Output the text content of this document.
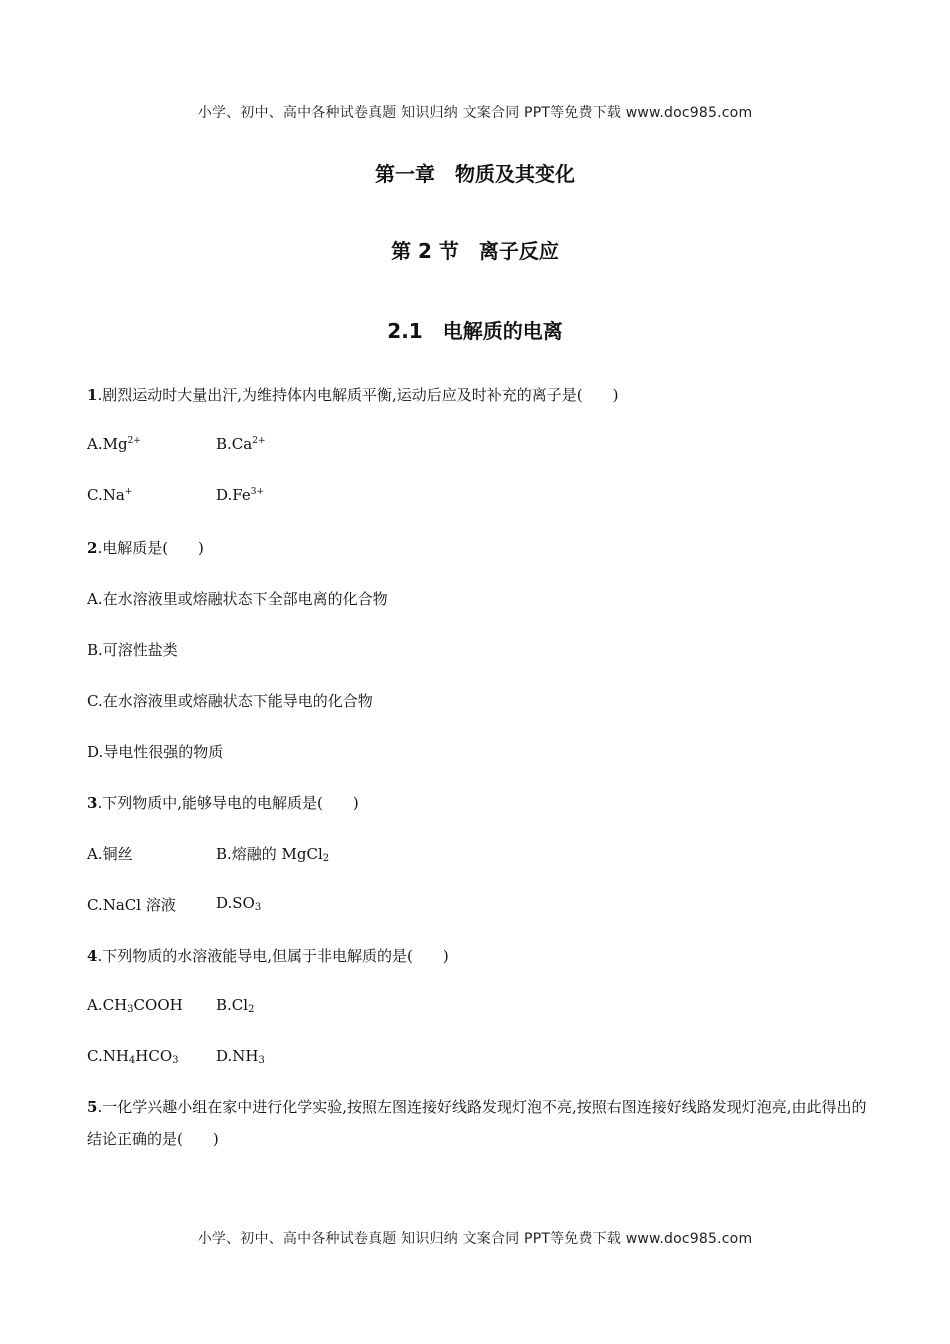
小学、初中、高中各种试卷真题 知识归纳 文案合同 PPT等免费下载 www.doc985.com
第一章　物质及其变化
第 2 节　离子反应
2.1　电解质的电离
1.剧烈运动时大量出汗,为维持体内电解质平衡,运动后应及时补充的离子是(　　)
$A.Mg^{2+}$	$B.Ca^{2+}$
C.Na+	$D.Fe^{3+}$
2.电解质是(　　)
A.在水溶液里或熔融状态下全部电离的化合物
B.可溶性盐类
C.在水溶液里或熔融状态下能导电的化合物
D.导电性很强的物质
3.下列物质中,能够导电的电解质是(　　)
A.铜丝	B.熔融的 MgCl$_2$
C.NaCl 溶液	$D.SO_3$
4.下列物质的水溶液能导电,但属于非电解质的是(　　)
$A.CH_3COOH$ $B.Cl_2$
$C.NH_4HCO_3$ $D.NH_3$
5.一化学兴趣小组在家中进行化学实验,按照左图连接好线路发现灯泡不亮,按照右图连接好线路发现灯泡亮,由此得出的结论正确的是(　　)
小学、初中、高中各种试卷真题 知识归纳 文案合同 PPT等免费下载 www.doc985.com
